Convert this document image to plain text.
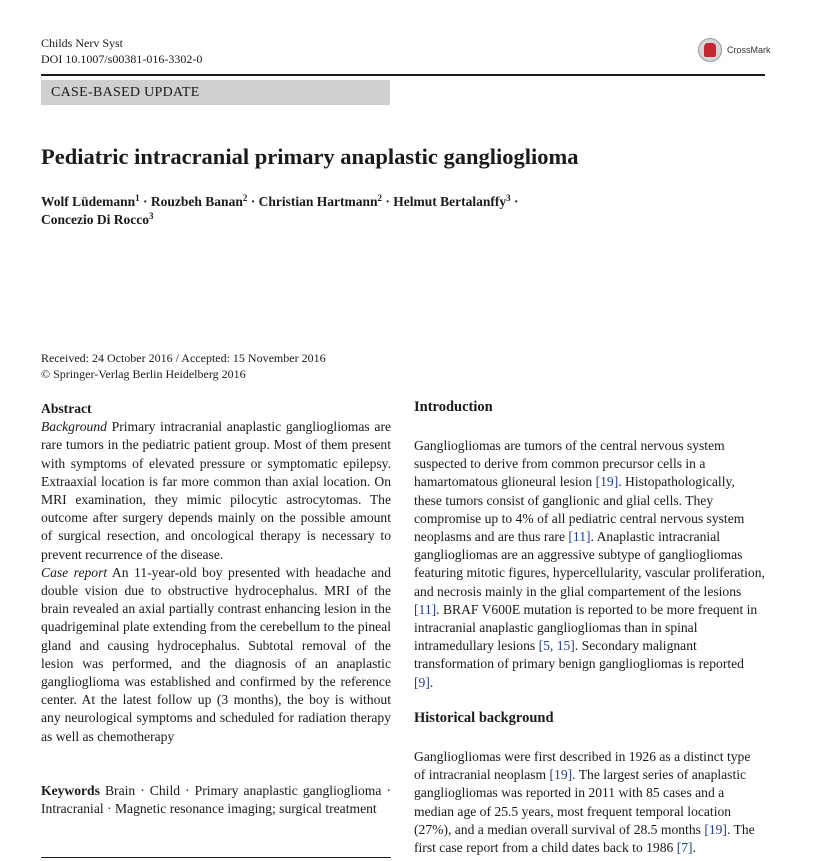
Childs Nerv Syst
DOI 10.1007/s00381-016-3302-0
CrossMark
CASE-BASED UPDATE
Pediatric intracranial primary anaplastic ganglioglioma
Wolf Lüdemann$^1$ · Rouzbeh Banan$^2$ · Christian Hartmann$^2$ · Helmut Bertalanffy$^3$ ·
Concezio Di Rocco$^3$
Received: 24 October 2016 / Accepted: 15 November 2016
© Springer-Verlag Berlin Heidelberg 2016
Abstract
Background Primary intracranial anaplastic gangliogliomas are rare tumors in the pediatric patient group. Most of them present with symptoms of elevated pressure or symptomatic epilepsy. Extraaxial location is far more common than axial location. On MRI examination, they mimic pilocytic astrocytomas. The outcome after surgery depends mainly on the possible amount of surgical resection, and oncological therapy is necessary to prevent recurrence of the disease.
Case report An 11-year-old boy presented with headache and double vision due to obstructive hydrocephalus. MRI of the brain revealed an axial partially contrast enhancing lesion in the quadrigeminal plate extending from the cerebellum to the pineal gland and causing hydrocephalus. Subtotal removal of the lesion was performed, and the diagnosis of an anaplastic ganglioglioma was established and confirmed by the reference center. At the latest follow up (3 months), the boy is without any neurological symptoms and scheduled for radiation therapy as well as chemotherapy
Keywords Brain · Child · Primary anaplastic ganglioglioma · Intracranial · Magnetic resonance imaging; surgical treatment
Introduction
Gangliogliomas are tumors of the central nervous system suspected to derive from common precursor cells in a hamartomatous glioneural lesion [19]. Histopathologically, these tumors consist of ganglionic and glial cells. They compromise up to 4% of all pediatric central nervous system neoplasms and are thus rare [11]. Anaplastic intracranial gangliogliomas are an aggressive subtype of gangliogliomas featuring mitotic figures, hypercellularity, vascular proliferation, and necrosis mainly in the glial compartement of the lesions [11]. BRAF V600E mutation is reported to be more frequent in intracranial anaplastic gangliogliomas than in spinal intramedullary lesions [5, 15]. Secondary malignant transformation of primary benign gangliogliomas is reported [9].
Historical background
Gangliogliomas were first described in 1926 as a distinct type of intracranial neoplasm [19]. The largest series of anaplastic gangliogliomas was reported in 2011 with 85 cases and a median age of 25.5 years, most frequent temporal location (27%), and a median overall survival of 28.5 months [19]. The first case report from a child dates back to 1986 [7].
